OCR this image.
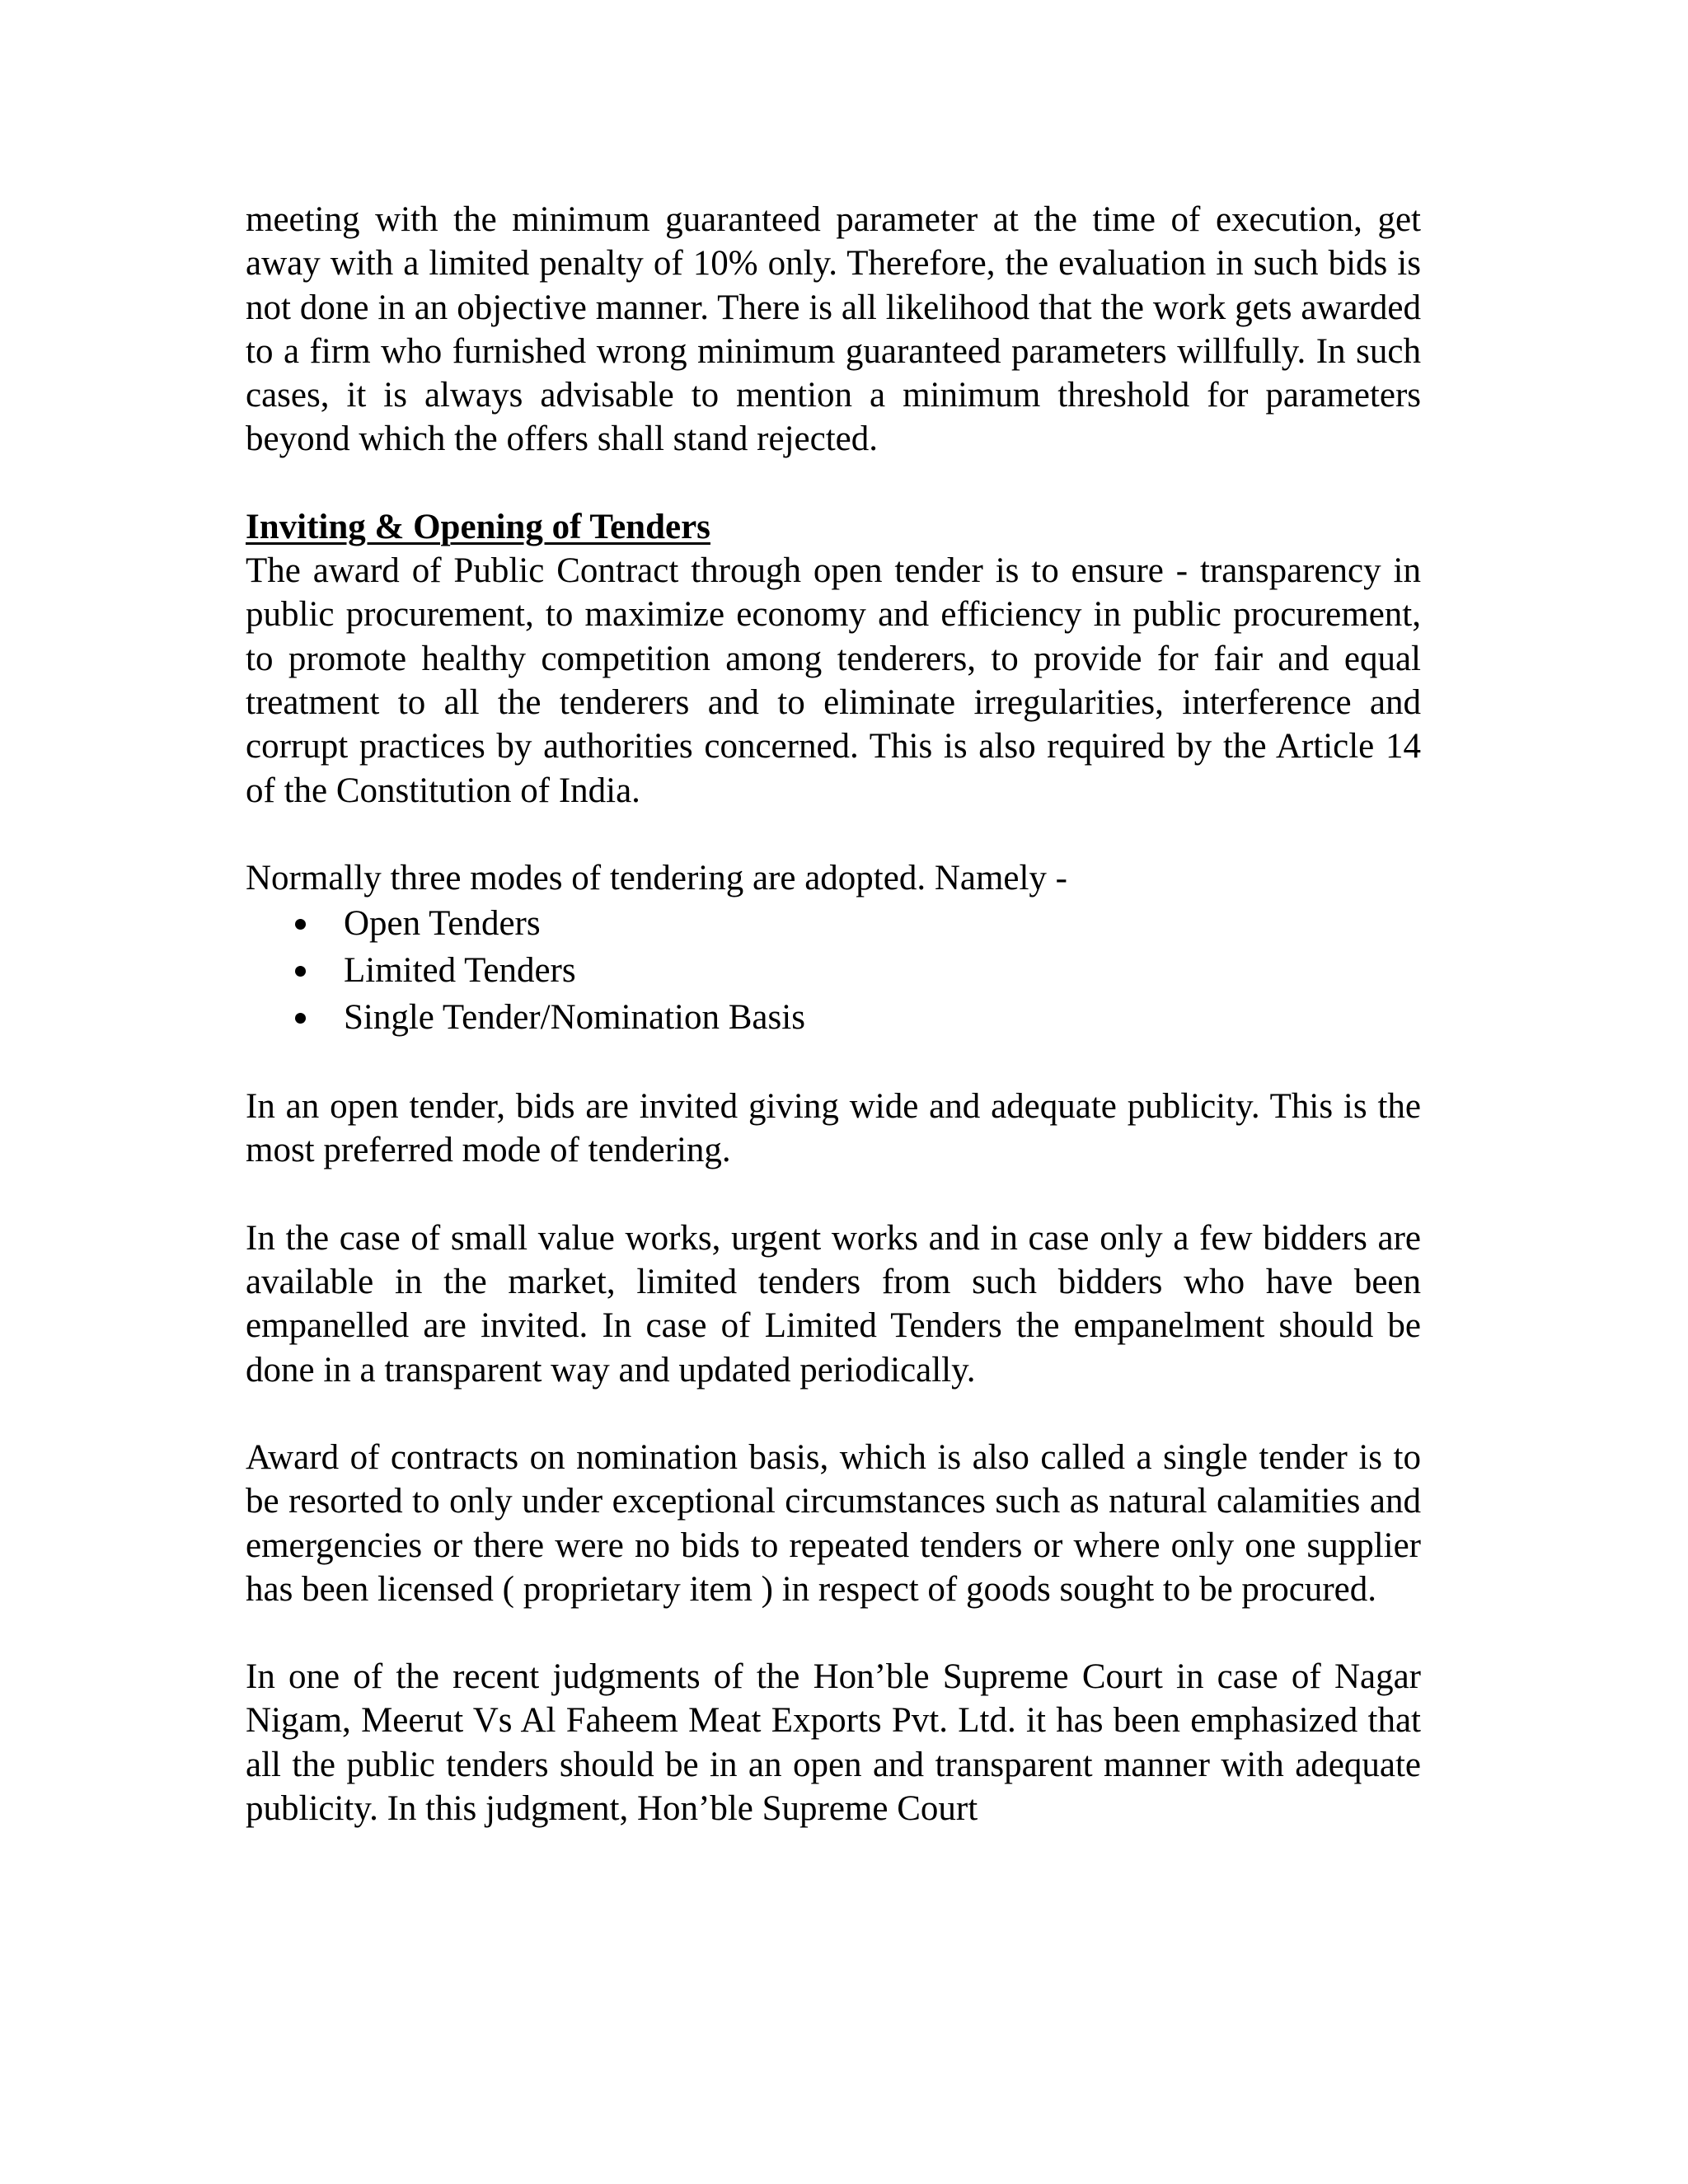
meeting with the minimum guaranteed parameter at the time of execution, get away with a limited penalty of 10% only. Therefore, the evaluation in such bids is not done in an objective manner. There is all likelihood that the work gets awarded to a firm who furnished wrong minimum guaranteed parameters willfully. In such cases, it is always advisable to mention a minimum threshold for parameters beyond which the offers shall stand rejected.

Inviting & Opening of Tenders

The award of Public Contract through open tender is to ensure - transparency in public procurement, to maximize economy and efficiency in public procurement, to promote healthy competition among tenderers, to provide for fair and equal treatment to all the tenderers and to eliminate irregularities, interference and corrupt practices by authorities concerned. This is also required by the Article 14 of the Constitution of India.

Normally three modes of tendering are adopted. Namely -

Open Tenders
Limited Tenders
Single Tender/Nomination Basis

In an open tender, bids are invited giving wide and adequate publicity. This is the most preferred mode of tendering.

In the case of small value works, urgent works and in case only a few bidders are available in the market, limited tenders from such bidders who have been empanelled are invited. In case of Limited Tenders the empanelment should be done in a transparent way and updated periodically.

Award of contracts on nomination basis, which is also called a single tender is to be resorted to only under exceptional circumstances such as natural calamities and emergencies or there were no bids to repeated tenders or where only one supplier has been licensed ( proprietary item ) in respect of goods sought to be procured.

In one of the recent judgments of the Hon’ble Supreme Court in case of Nagar Nigam, Meerut Vs Al Faheem Meat Exports Pvt. Ltd. it has been emphasized that all the public tenders should be in an open and transparent manner with adequate publicity. In this judgment, Hon’ble Supreme Court
